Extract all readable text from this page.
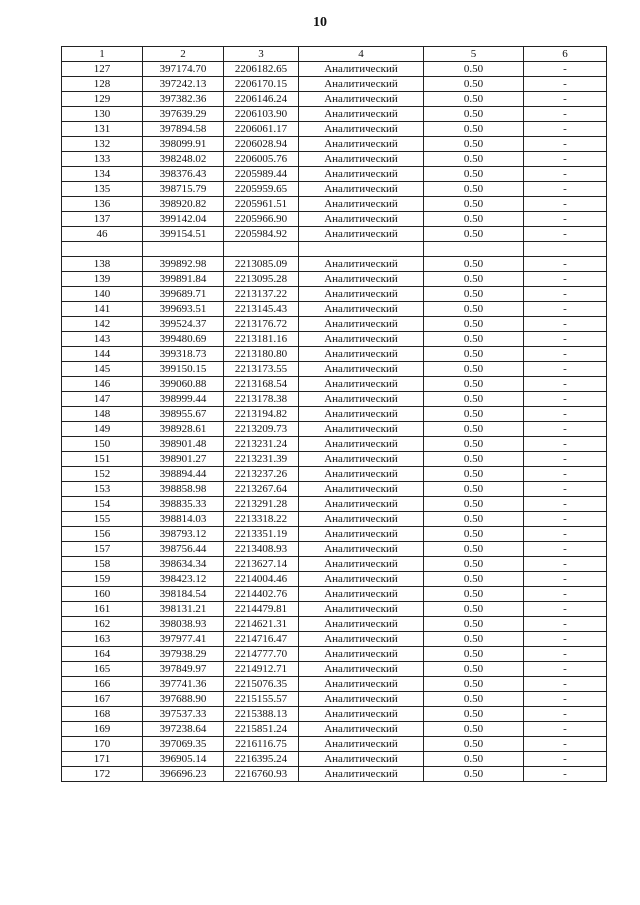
10
1	2	3	4	5	6
127	397174.70	2206182.65	Аналитический	0.50	-
128	397242.13	2206170.15	Аналитический	0.50	-
129	397382.36	2206146.24	Аналитический	0.50	-
130	397639.29	2206103.90	Аналитический	0.50	-
131	397894.58	2206061.17	Аналитический	0.50	-
132	398099.91	2206028.94	Аналитический	0.50	-
133	398248.02	2206005.76	Аналитический	0.50	-
134	398376.43	2205989.44	Аналитический	0.50	-
135	398715.79	2205959.65	Аналитический	0.50	-
136	398920.82	2205961.51	Аналитический	0.50	-
137	399142.04	2205966.90	Аналитический	0.50	-
46	399154.51	2205984.92	Аналитический	0.50	-

138	399892.98	2213085.09	Аналитический	0.50	-
139	399891.84	2213095.28	Аналитический	0.50	-
140	399689.71	2213137.22	Аналитический	0.50	-
141	399693.51	2213145.43	Аналитический	0.50	-
142	399524.37	2213176.72	Аналитический	0.50	-
143	399480.69	2213181.16	Аналитический	0.50	-
144	399318.73	2213180.80	Аналитический	0.50	-
145	399150.15	2213173.55	Аналитический	0.50	-
146	399060.88	2213168.54	Аналитический	0.50	-
147	398999.44	2213178.38	Аналитический	0.50	-
148	398955.67	2213194.82	Аналитический	0.50	-
149	398928.61	2213209.73	Аналитический	0.50	-
150	398901.48	2213231.24	Аналитический	0.50	-
151	398901.27	2213231.39	Аналитический	0.50	-
152	398894.44	2213237.26	Аналитический	0.50	-
153	398858.98	2213267.64	Аналитический	0.50	-
154	398835.33	2213291.28	Аналитический	0.50	-
155	398814.03	2213318.22	Аналитический	0.50	-
156	398793.12	2213351.19	Аналитический	0.50	-
157	398756.44	2213408.93	Аналитический	0.50	-
158	398634.34	2213627.14	Аналитический	0.50	-
159	398423.12	2214004.46	Аналитический	0.50	-
160	398184.54	2214402.76	Аналитический	0.50	-
161	398131.21	2214479.81	Аналитический	0.50	-
162	398038.93	2214621.31	Аналитический	0.50	-
163	397977.41	2214716.47	Аналитический	0.50	-
164	397938.29	2214777.70	Аналитический	0.50	-
165	397849.97	2214912.71	Аналитический	0.50	-
166	397741.36	2215076.35	Аналитический	0.50	-
167	397688.90	2215155.57	Аналитический	0.50	-
168	397537.33	2215388.13	Аналитический	0.50	-
169	397238.64	2215851.24	Аналитический	0.50	-
170	397069.35	2216116.75	Аналитический	0.50	-
171	396905.14	2216395.24	Аналитический	0.50	-
172	396696.23	2216760.93	Аналитический	0.50	-
